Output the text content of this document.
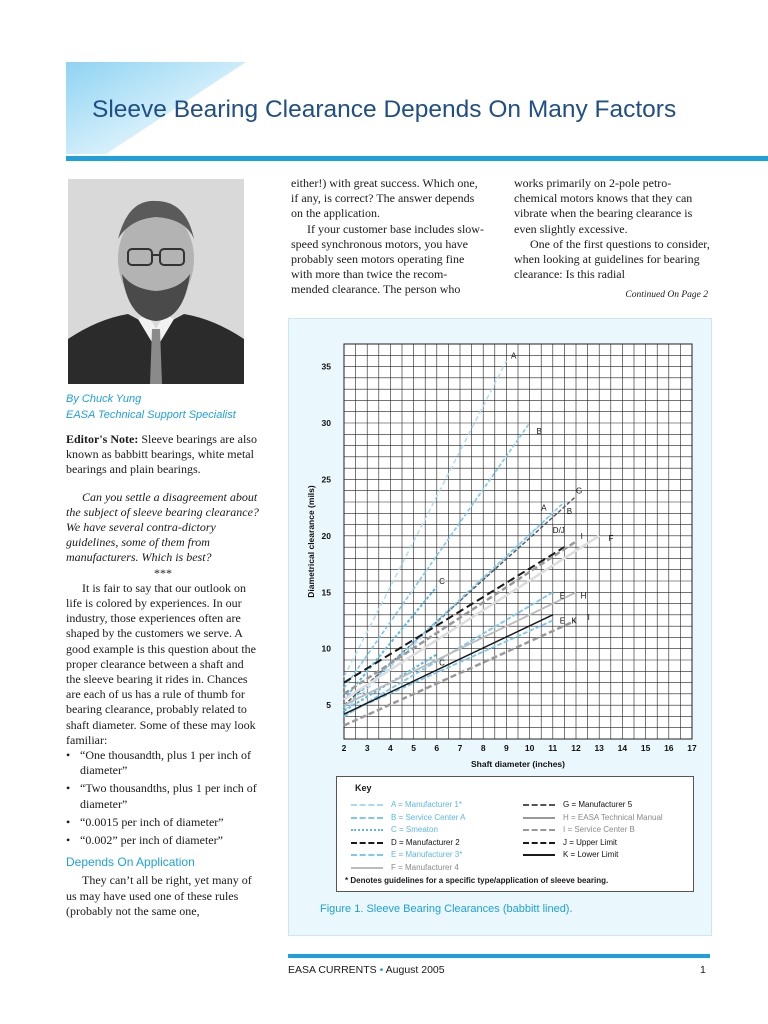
Sleeve Bearing Clearance Depends On Many Factors
By Chuck Yung
EASA Technical Support Specialist

Editor's Note: Sleeve bearings are also known as babbitt bearings, white metal bearings and plain bearings.

Can you settle a disagreement about the subject of sleeve bearing clearance? We have several contra-dictory guidelines, some of them from manufacturers. Which is best?

***

It is fair to say that our outlook on life is colored by experiences. In our industry, those experiences often are shaped by the customers we serve. A good example is this question about the proper clearance between a shaft and the sleeve bearing it rides in. Chances are each of us has a rule of thumb for bearing clearance, probably related to shaft diameter. Some of these may look familiar:

• “One thousandth, plus 1 per inch of diameter”
• “Two thousandths, plus 1 per inch of diameter”
• “0.0015 per inch of diameter”
• “0.002” per inch of diameter”

Depends On Application

They can’t all be right, yet many of us may have used one of these rules (probably not the same one,

either!) with great success. Which one, if any, is correct? The answer depends on the application.

If your customer base includes slow-speed synchronous motors, you have probably seen motors operating fine with more than twice the recom-mended clearance. The person who

works primarily on 2-pole petro-chemical motors knows that they can vibrate when the bearing clearance is even slightly excessive.

One of the first questions to consider, when looking at guidelines for bearing clearance: Is this radial

Continued On Page 2
A
B
A
C
C
G
B
D/J
I	F
E H
E K I
2 3 4 5 6 7 8 9 10 11 12 13 14 15 16 17
5
10
15
20
25
30
35
Shaft diameter (inches)
Diametrical clearance (mils)
Key
A = Manufacturer 1*
B = Service Center A
C = Smeaton
D = Manufacturer 2
E = Manufacturer 3*
F = Manufacturer 4
G = Manufacturer 5
H = EASA Technical Manual
I = Service Center B
J = Upper Limit
K = Lower Limit
* Denotes guidelines for a specific type/application of sleeve bearing.
Figure 1. Sleeve Bearing Clearances (babbitt lined).
EASA CURRENTS • August 2005	1
